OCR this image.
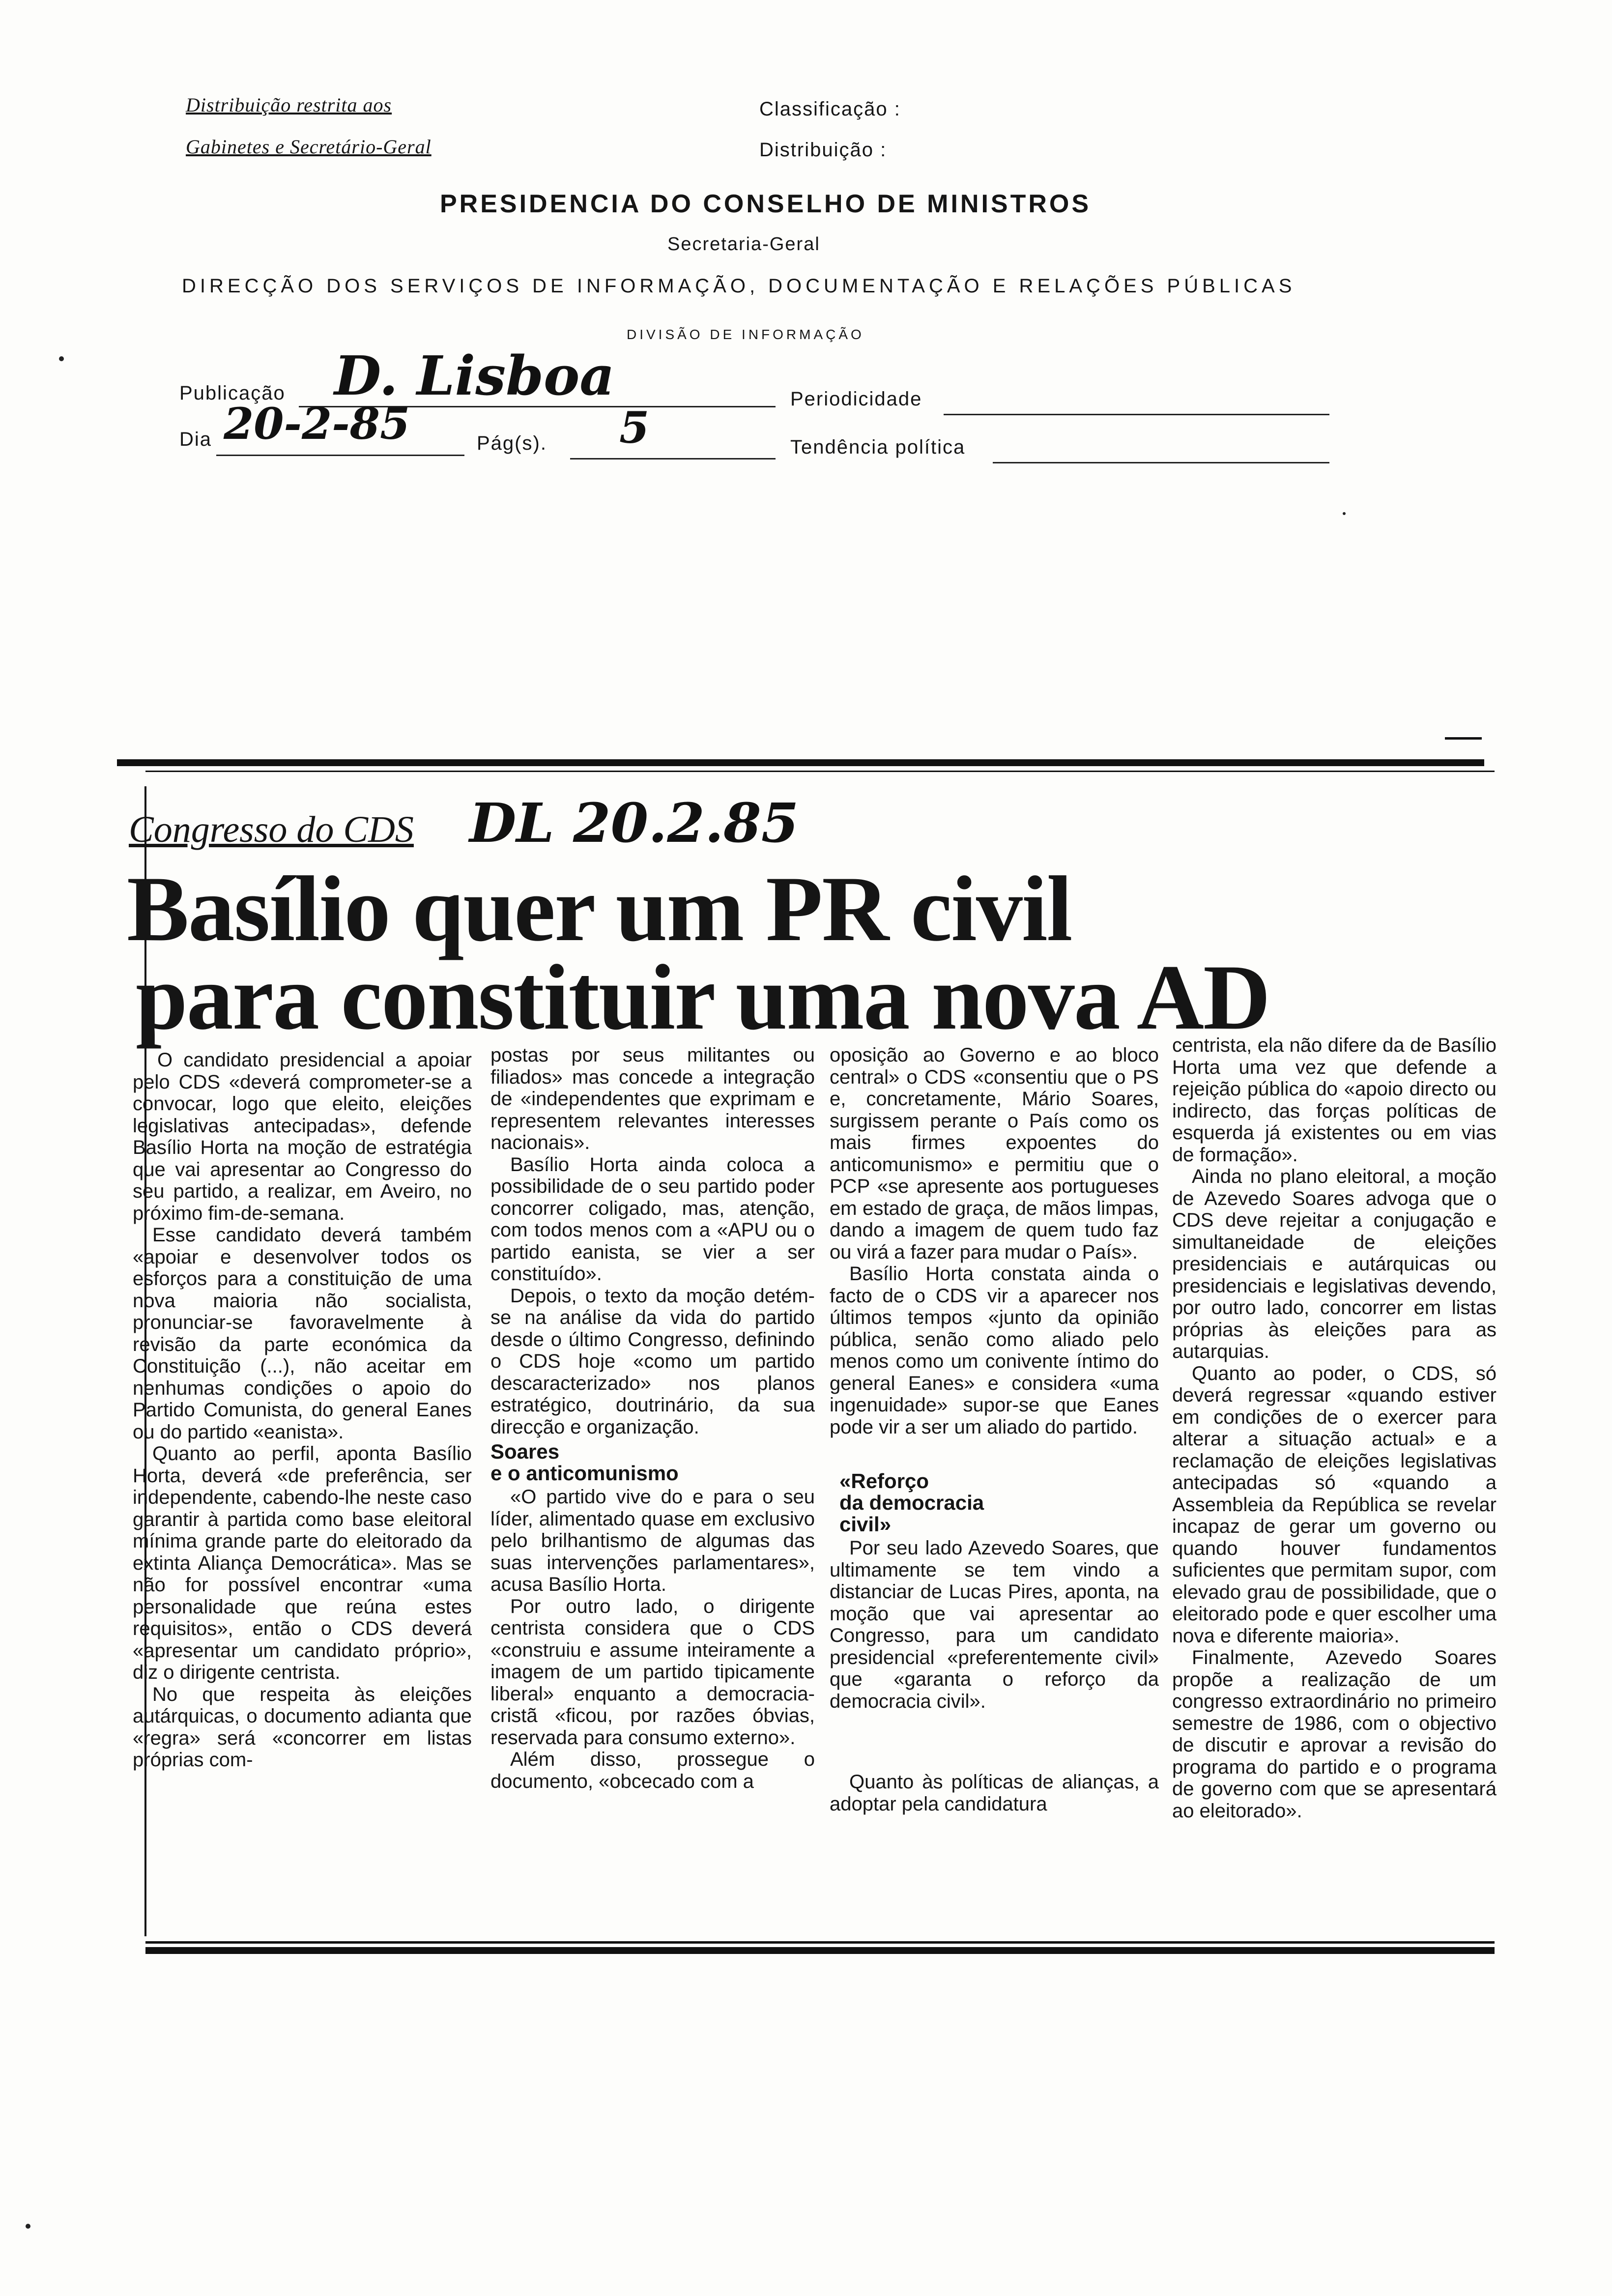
Distribuição restrita aos
Gabinetes e Secretário-Geral
Classificação :
Distribuição :
PRESIDENCIA DO CONSELHO DE MINISTROS
Secretaria-Geral
DIRECÇÃO DOS SERVIÇOS DE INFORMAÇÃO, DOCUMENTAÇÃO E RELAÇÕES PÚBLICAS
DIVISÃO DE INFORMAÇÃO
Publicação D. Lisboa	Periodicidade
Dia 20-2-85	Pág(s). 5	Tendência política
Congresso do CDS DL 20.2.85
Basílio quer um PR civil
para constituir uma nova AD

O candidato presidencial a apoiar pelo CDS «deverá comprometer-se a convocar, logo que eleito, eleições legislativas antecipadas», defende Basílio Horta na moção de estratégia que vai apresentar ao Congresso do seu partido, a realizar, em Aveiro, no próximo fim-de-semana.

Esse candidato deverá também «apoiar e desenvolver todos os esforços para a constituição de uma nova maioria não socialista, pronunciar-se favoravelmente à revisão da parte económica da Constituição (...), não aceitar em nenhumas condições o apoio do Partido Comunista, do general Eanes ou do partido «eanista».

Quanto ao perfil, aponta Basílio Horta, deverá «de preferência, ser independente, cabendo-lhe neste caso garantir à partida como base eleitoral mínima grande parte do eleitorado da extinta Aliança Democrática». Mas se não for possível encontrar «uma personalidade que reúna estes requisitos», então o CDS deverá «apresentar um candidato próprio», diz o dirigente centrista.

No que respeita às eleições autárquicas, o documento adianta que «regra» será «concorrer em listas próprias com-

postas por seus militantes ou filiados» mas concede a integração de «independentes que exprimam e representem relevantes interesses nacionais».

Basílio Horta ainda coloca a possibilidade de o seu partido poder concorrer coligado, mas, atenção, com todos menos com a «APU ou o partido eanista, se vier a ser constituído».

Depois, o texto da moção detém-se na análise da vida do partido desde o último Congresso, definindo o CDS hoje «como um partido descaracterizado» nos planos estratégico, doutrinário, da sua direcção e organização.

Soares
e o anticomunismo

«O partido vive do e para o seu líder, alimentado quase em exclusivo pelo brilhantismo de algumas das suas intervenções parlamentares», acusa Basílio Horta.

Por outro lado, o dirigente centrista considera que o CDS «construiu e assume inteiramente a imagem de um partido tipicamente liberal» enquanto a democracia-cristã «ficou, por razões óbvias, reservada para consumo externo».

Além disso, prossegue o documento, «obcecado com a

oposição ao Governo e ao bloco central» o CDS «consentiu que o PS e, concretamente, Mário Soares, surgissem perante o País como os mais firmes expoentes do anticomunismo» e permitiu que o PCP «se apresente aos portugueses em estado de graça, de mãos limpas, dando a imagem de quem tudo faz ou virá a fazer para mudar o País».

Basílio Horta constata ainda o facto de o CDS vir a aparecer nos últimos tempos «junto da opinião pública, senão como aliado pelo menos como um conivente íntimo do general Eanes» e considera «uma ingenuidade» supor-se que Eanes pode vir a ser um aliado do partido.

«Reforço
da democracia
civil»

Por seu lado Azevedo Soares, que ultimamente se tem vindo a distanciar de Lucas Pires, aponta, na moção que vai apresentar ao Congresso, para um candidato presidencial «preferentemente civil» que «garanta o reforço da democracia civil».

Quanto às políticas de alianças, a adoptar pela candidatura

centrista, ela não difere da de Basílio Horta uma vez que defende a rejeição pública do «apoio directo ou indirecto, das forças políticas de esquerda já existentes ou em vias de formação».

Ainda no plano eleitoral, a moção de Azevedo Soares advoga que o CDS deve rejeitar a conjugação e simultaneidade de eleições presidenciais e autárquicas ou presidenciais e legislativas devendo, por outro lado, concorrer em listas próprias às eleições para as autarquias.

Quanto ao poder, o CDS, só deverá regressar «quando estiver em condições de o exercer para alterar a situação actual» e a reclamação de eleições legislativas antecipadas só «quando a Assembleia da República se revelar incapaz de gerar um governo ou quando houver fundamentos suficientes que permitam supor, com elevado grau de possibilidade, que o eleitorado pode e quer escolher uma nova e diferente maioria».

Finalmente, Azevedo Soares propõe a realização de um congresso extraordinário no primeiro semestre de 1986, com o objectivo de discutir e aprovar a revisão do programa do partido e o programa de governo com que se apresentará ao eleitorado».
